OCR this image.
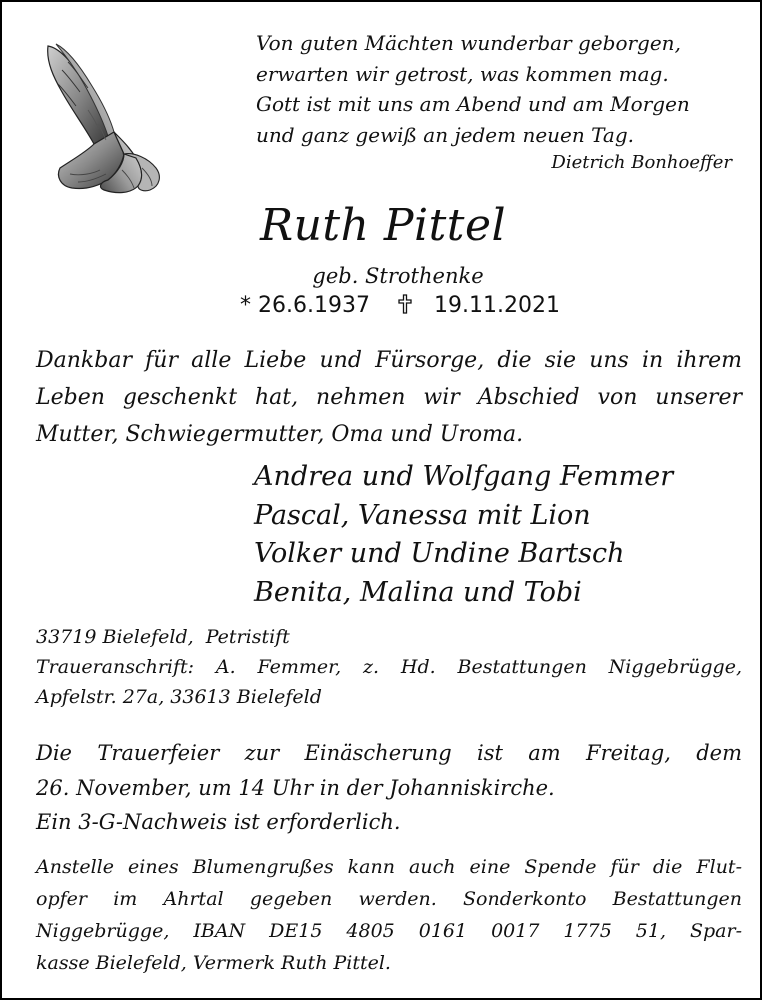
Von guten Mächten wunderbar geborgen,
erwarten wir getrost, was kommen mag.
Gott ist mit uns am Abend und am Morgen
und ganz gewiß an jedem neuen Tag.
Dietrich Bonhoeffer
Ruth Pittel
geb. Strothenke
* 26.6.1937	19.11.2021
Dankbar für alle Liebe und Fürsorge, die sie uns in ihrem
Leben geschenkt hat, nehmen wir Abschied von unserer
Mutter, Schwiegermutter, Oma und Uroma.
Andrea und Wolfgang Femmer
Pascal, Vanessa mit Lion
Volker und Undine Bartsch
Benita, Malina und Tobi
33719 Bielefeld,  Petristift
Traueranschrift: A. Femmer, z. Hd. Bestattungen Niggebrügge,
Apfelstr. 27a, 33613 Bielefeld
Die Trauerfeier zur Einäscherung ist am Freitag, dem
26. November, um 14 Uhr in der Johanniskirche.
Ein 3-G-Nachweis ist erforderlich.
Anstelle eines Blumengrußes kann auch eine Spende für die Flut-
opfer im Ahrtal gegeben werden. Sonderkonto Bestattungen
Niggebrügge, IBAN DE15 4805 0161 0017 1775 51, Spar-
kasse Bielefeld, Vermerk Ruth Pittel.
